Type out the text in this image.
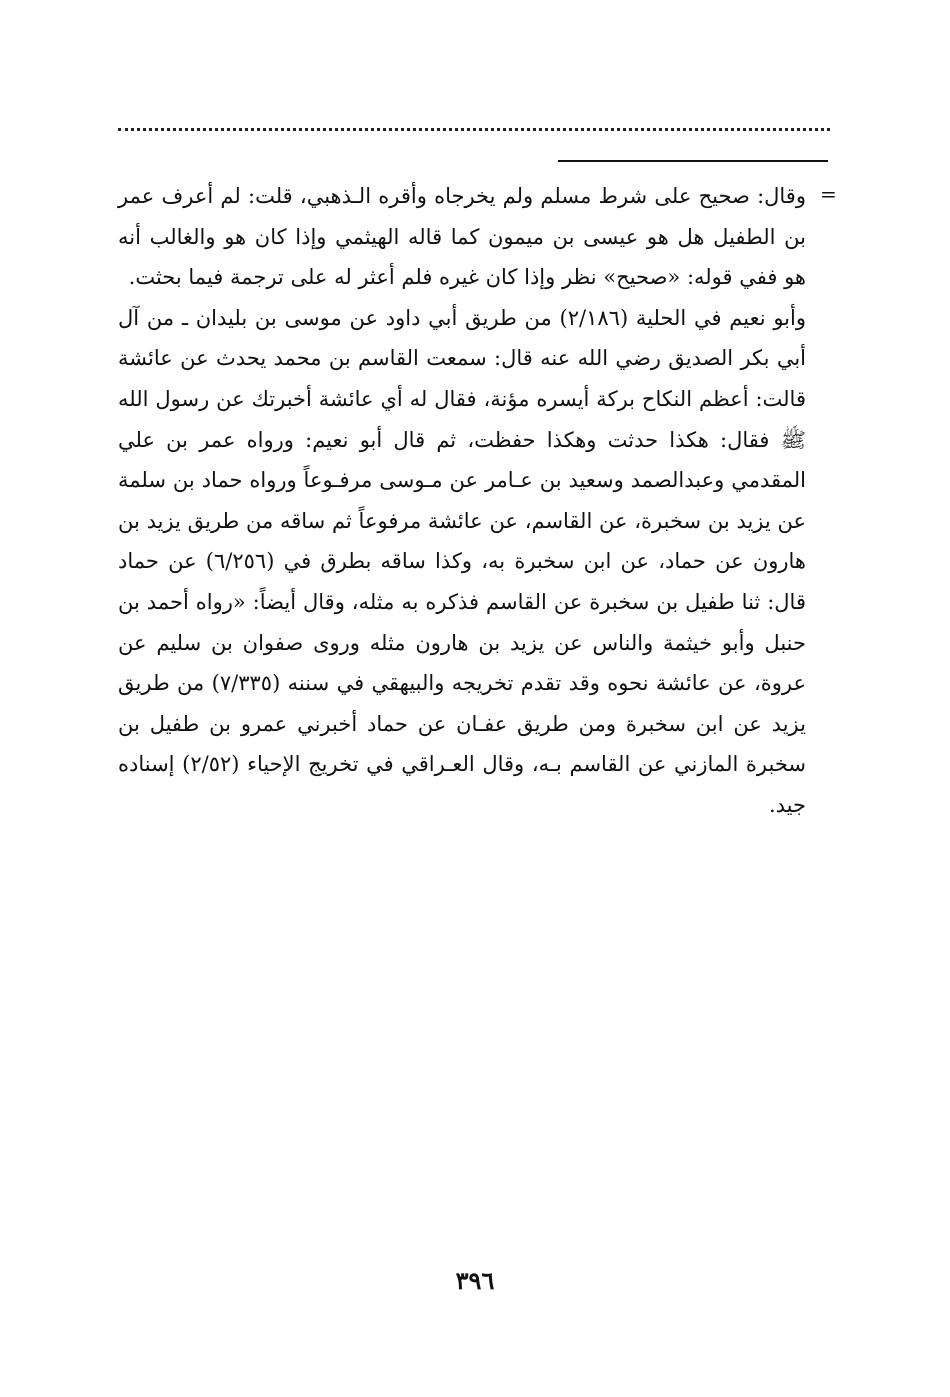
=

وقال: صحيح على شرط مسلم ولم يخرجاه وأقره الـذهبي، قلت: لم أعرف عمر بن الطفيل هل هو عيسى بن ميمون كما قاله الهيثمي وإذا كان هو والغالب أنه هو ففي قوله: «صحيح» نظر وإذا كان غيره فلم أعثر له على ترجمة فيما بحثت.

وأبو نعيم في الحلية (٢/١٨٦) من طريق أبي داود عن موسى بن بليدان ـ من آل أبي بكر الصديق رضي الله عنه قال: سمعت القاسم بن محمد يحدث عن عائشة قالت: أعظم النكاح بركة أيسره مؤنة، فقال له أي عائشة أخبرتك عن رسول الله ﷺ فقال: هكذا حدثت وهكذا حفظت، ثم قال أبو نعيم: ورواه عمر بن علي المقدمي وعبدالصمد وسعيد بن عـامر عن مـوسى مرفـوعاً ورواه حماد بن سلمة عن يزيد بن سخبرة، عن القاسم، عن عائشة مرفوعاً ثم ساقه من طريق يزيد بن هارون عن حماد، عن ابن سخبرة به، وكذا ساقه بطرق في (٦/٢٥٦) عن حماد قال: ثنا طفيل بن سخبرة عن القاسم فذكره به مثله، وقال أيضاً: «رواه أحمد بن حنبل وأبو خيثمة والناس عن يزيد بن هارون مثله وروى صفوان بن سليم عن عروة، عن عائشة نحوه وقد تقدم تخريجه والبيهقي في سننه (٧/٣٣٥) من طريق يزيد عن ابن سخبرة ومن طريق عفـان عن حماد أخبرني عمرو بن طفيل بن سخبرة المازني عن القاسم بـه، وقال العـراقي في تخريج الإحياء (٢/٥٢) إسناده جيد.

٣٩٦
